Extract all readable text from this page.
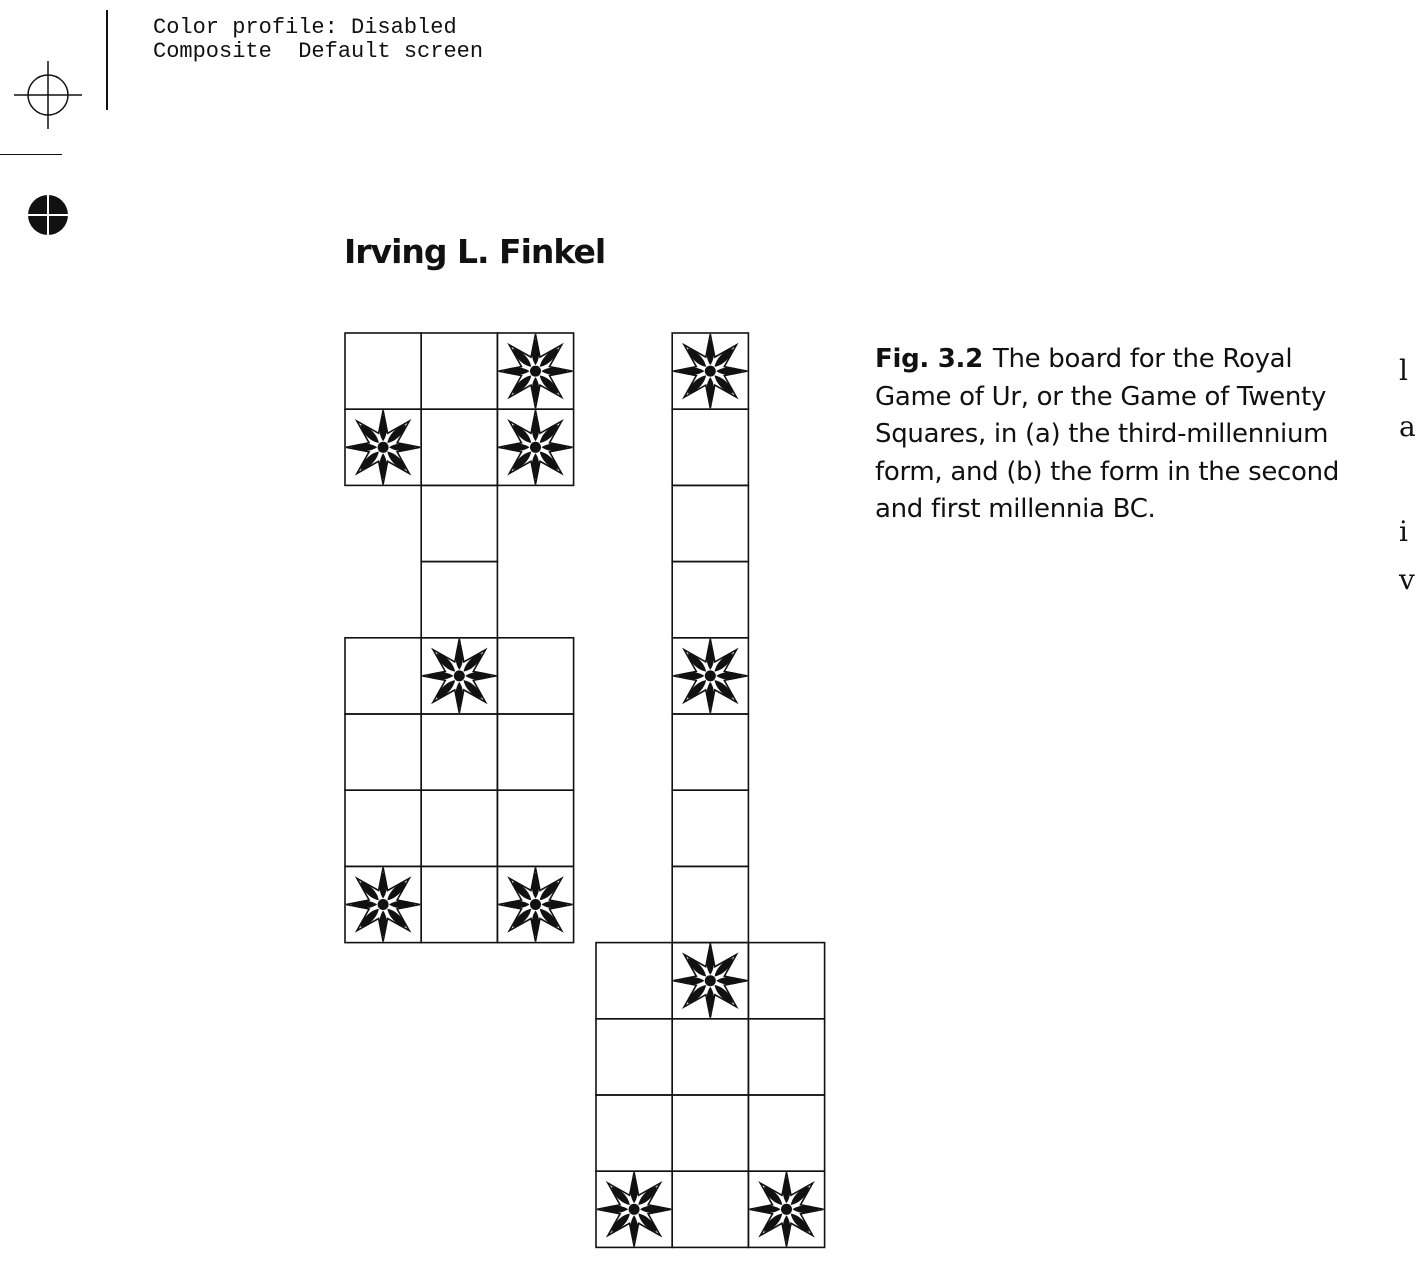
Color profile: Disabled
Composite  Default screen
Irving L. Finkel
Fig. 3.2 The board for the Royal
Game of Ur, or the Game of Twenty
Squares, in (a) the third-millennium
form, and (b) the form in the second
and first millennia BC.
l
a
i
v
